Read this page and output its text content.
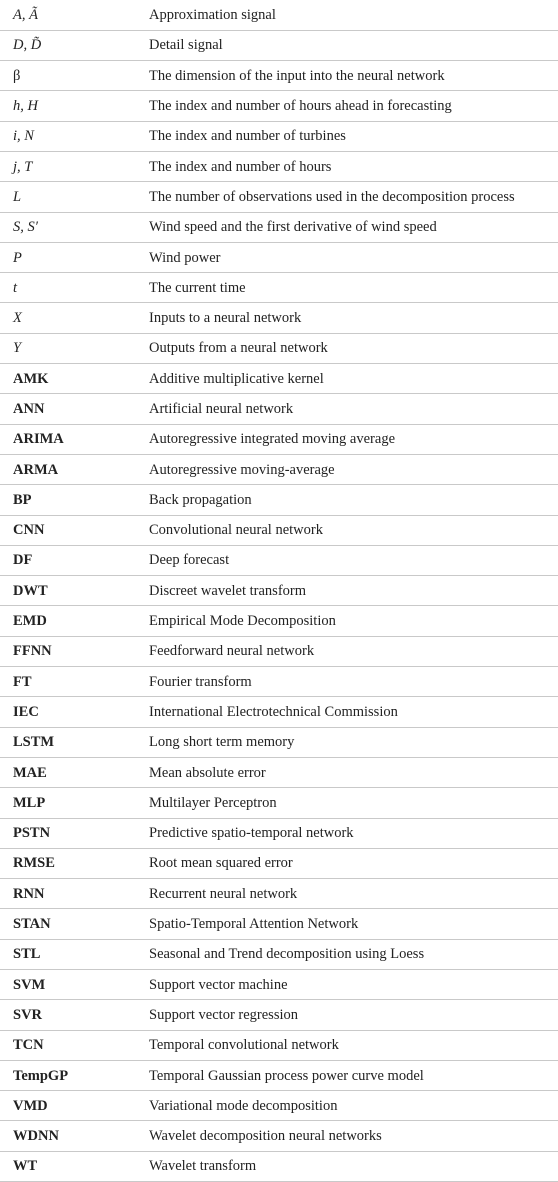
A, Ã	Approximation signal
D, D̃	Detail signal
β	The dimension of the input into the neural network
h, H	The index and number of hours ahead in forecasting
i, N	The index and number of turbines
j, T	The index and number of hours
L	The number of observations used in the decomposition process
S, S′	Wind speed and the first derivative of wind speed
P	Wind power
t	The current time
X	Inputs to a neural network
Y	Outputs from a neural network
AMK	Additive multiplicative kernel
ANN	Artificial neural network
ARIMA	Autoregressive integrated moving average
ARMA	Autoregressive moving-average
BP	Back propagation
CNN	Convolutional neural network
DF	Deep forecast
DWT	Discreet wavelet transform
EMD	Empirical Mode Decomposition
FFNN	Feedforward neural network
FT	Fourier transform
IEC	International Electrotechnical Commission
LSTM	Long short term memory
MAE	Mean absolute error
MLP	Multilayer Perceptron
PSTN	Predictive spatio-temporal network
RMSE	Root mean squared error
RNN	Recurrent neural network
STAN	Spatio-Temporal Attention Network
STL	Seasonal and Trend decomposition using Loess
SVM	Support vector machine
SVR	Support vector regression
TCN	Temporal convolutional network
TempGP	Temporal Gaussian process power curve model
VMD	Variational mode decomposition
WDNN	Wavelet decomposition neural networks
WT	Wavelet transform
